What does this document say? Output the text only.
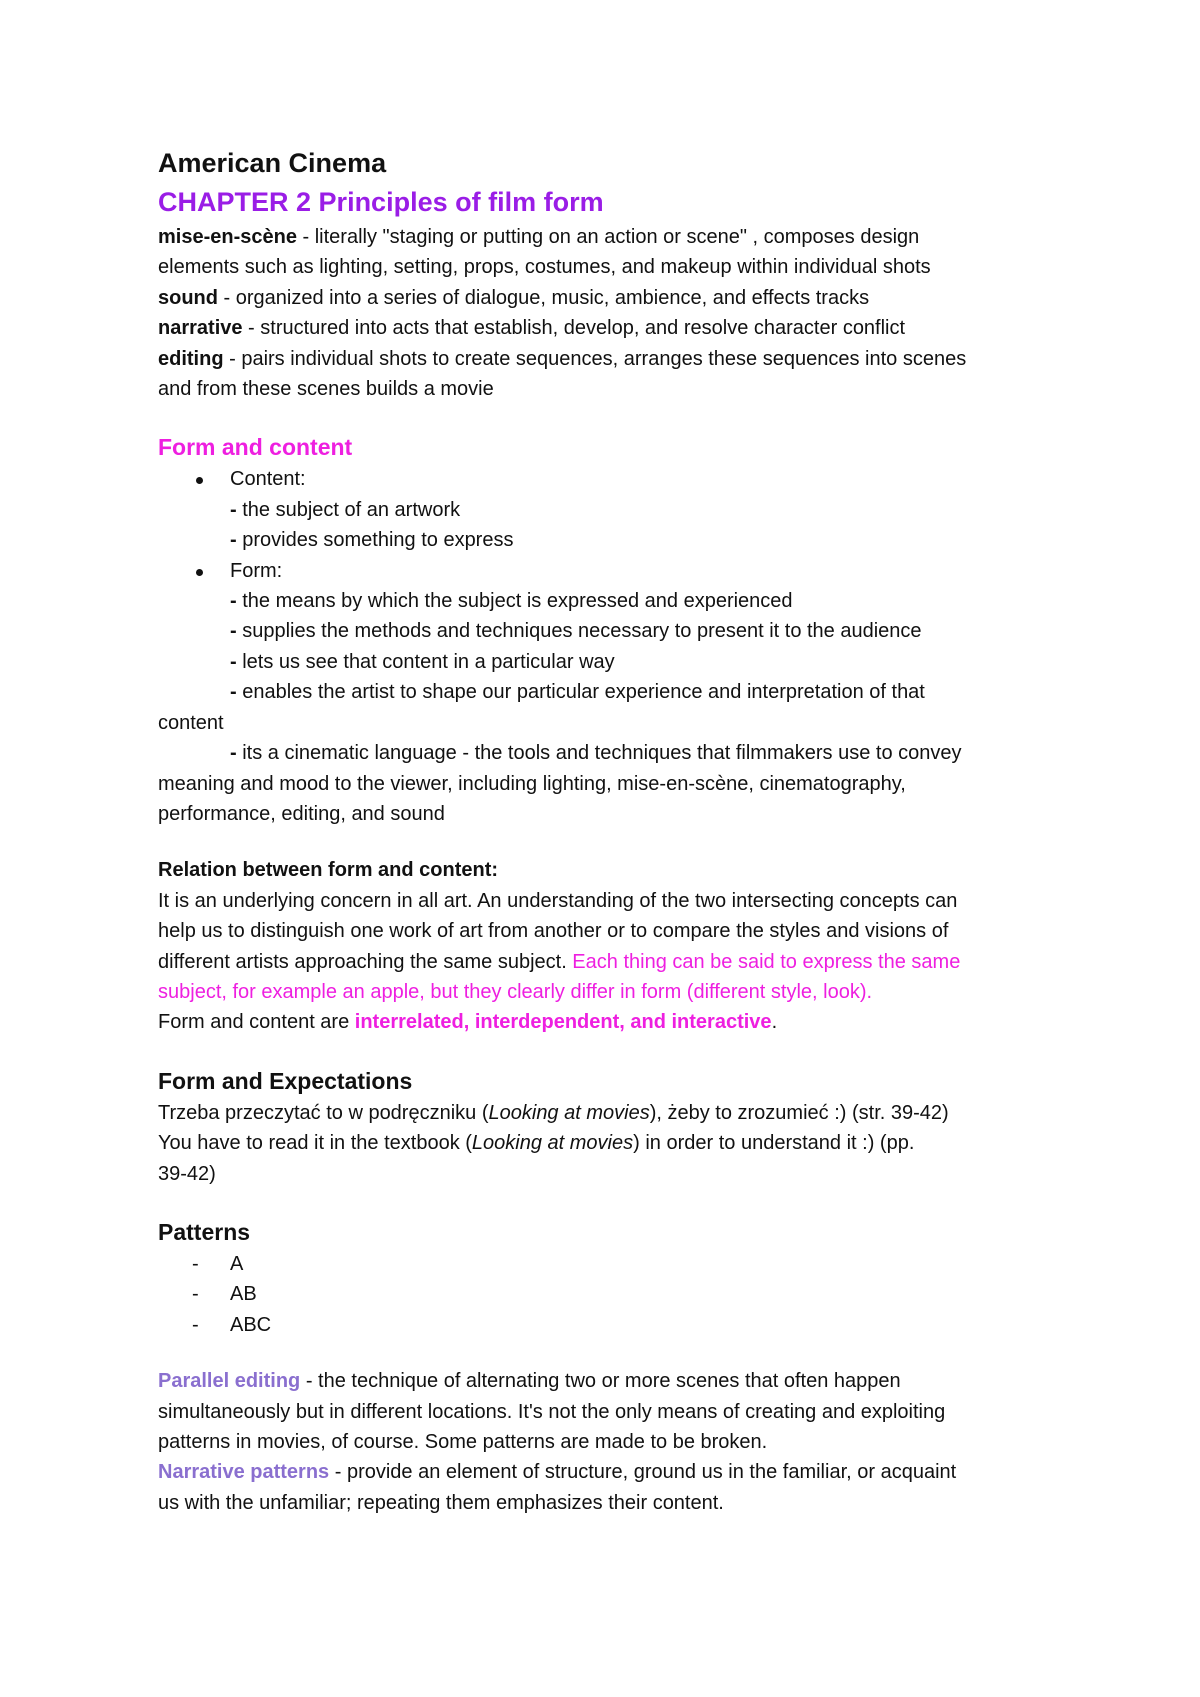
American Cinema
CHAPTER 2 Principles of film form

mise-en-scène - literally "staging or putting on an action or scene" , composes design

elements such as lighting, setting, props, costumes, and makeup within individual shots

sound - organized into a series of dialogue, music, ambience, and effects tracks

narrative - structured into acts that establish, develop, and resolve character conflict

editing - pairs individual shots to create sequences, arranges these sequences into scenes

and from these scenes builds a movie

Form and content

Content:

- the subject of an artwork

- provides something to express

Form:

- the means by which the subject is expressed and experienced

- supplies the methods and techniques necessary to present it to the audience

- lets us see that content in a particular way

- enables the artist to shape our particular experience and interpretation of that

content

- its a cinematic language - the tools and techniques that filmmakers use to convey

meaning and mood to the viewer, including lighting, mise-en-scène, cinematography,

performance, editing, and sound

Relation between form and content:

It is an underlying concern in all art. An understanding of the two intersecting concepts can

help us to distinguish one work of art from another or to compare the styles and visions of

different artists approaching the same subject. Each thing can be said to express the same

subject, for example an apple, but they clearly differ in form (different style, look).

Form and content are interrelated, interdependent, and interactive.

Form and Expectations

Trzeba przeczytać to w podręczniku (Looking at movies), żeby to zrozumieć :) (str. 39-42)

You have to read it in the textbook (Looking at movies) in order to understand it :) (pp.

39-42)

Patterns

- A

- AB

- ABC

Parallel editing - the technique of alternating two or more scenes that often happen

simultaneously but in different locations. It's not the only means of creating and exploiting

patterns in movies, of course. Some patterns are made to be broken.

Narrative patterns - provide an element of structure, ground us in the familiar, or acquaint

us with the unfamiliar; repeating them emphasizes their content.
